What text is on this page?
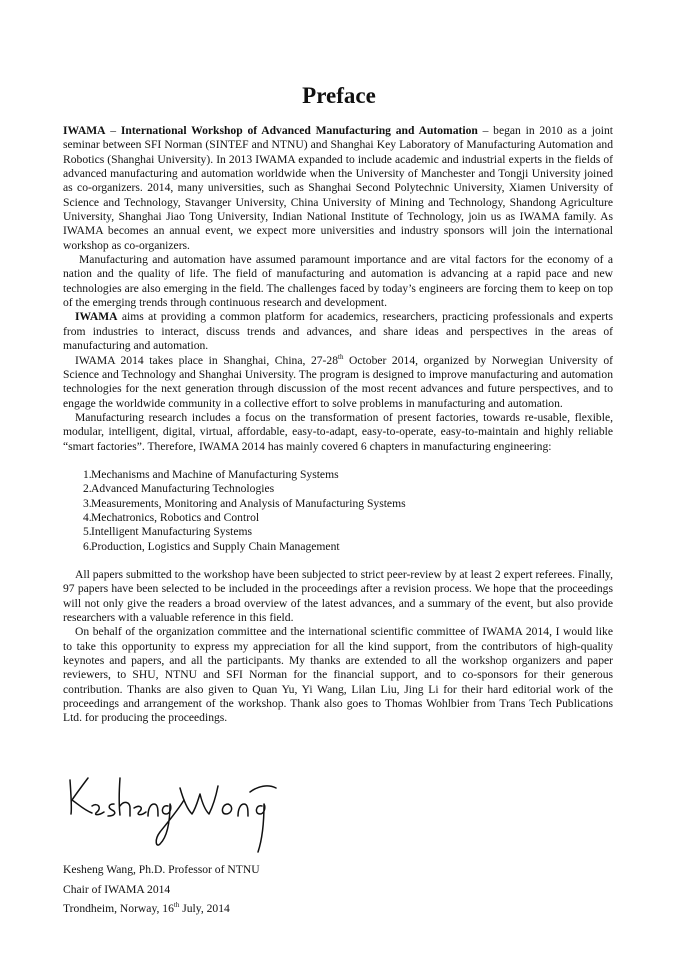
Preface

IWAMA – International Workshop of Advanced Manufacturing and Automation – began in 2010 as a joint seminar between SFI Norman (SINTEF and NTNU) and Shanghai Key Laboratory of Manufacturing Automation and Robotics (Shanghai University). In 2013 IWAMA expanded to include academic and industrial experts in the fields of advanced manufacturing and automation worldwide when the University of Manchester and Tongji University joined as co-organizers. 2014, many universities, such as Shanghai Second Polytechnic University, Xiamen University of Science and Technology, Stavanger University, China University of Mining and Technology, Shandong Agriculture University, Shanghai Jiao Tong University, Indian National Institute of Technology, join us as IWAMA family. As IWAMA becomes an annual event, we expect more universities and industry sponsors will join the international workshop as co-organizers.

Manufacturing and automation have assumed paramount importance and are vital factors for the economy of a nation and the quality of life. The field of manufacturing and automation is advancing at a rapid pace and new technologies are also emerging in the field. The challenges faced by today’s engineers are forcing them to keep on top of the emerging trends through continuous research and development.

IWAMA aims at providing a common platform for academics, researchers, practicing professionals and experts from industries to interact, discuss trends and advances, and share ideas and perspectives in the areas of manufacturing and automation.

IWAMA 2014 takes place in Shanghai, China, 27-28th October 2014, organized by Norwegian University of Science and Technology and Shanghai University. The program is designed to improve manufacturing and automation technologies for the next generation through discussion of the most recent advances and future perspectives, and to engage the worldwide community in a collective effort to solve problems in manufacturing and automation.

Manufacturing research includes a focus on the transformation of present factories, towards re-usable, flexible, modular, intelligent, digital, virtual, affordable, easy-to-adapt, easy-to-operate, easy-to-maintain and highly reliable “smart factories”. Therefore, IWAMA 2014 has mainly covered 6 chapters in manufacturing engineering:

1. Mechanisms and Machine of Manufacturing Systems
2. Advanced Manufacturing Technologies
3. Measurements, Monitoring and Analysis of Manufacturing Systems
4. Mechatronics, Robotics and Control
5. Intelligent Manufacturing Systems
6. Production, Logistics and Supply Chain Management

All papers submitted to the workshop have been subjected to strict peer-review by at least 2 expert referees. Finally, 97 papers have been selected to be included in the proceedings after a revision process. We hope that the proceedings will not only give the readers a broad overview of the latest advances, and a summary of the event, but also provide researchers with a valuable reference in this field.

On behalf of the organization committee and the international scientific committee of IWAMA 2014, I would like to take this opportunity to express my appreciation for all the kind support, from the contributors of high-quality keynotes and papers, and all the participants. My thanks are extended to all the workshop organizers and paper reviewers, to SHU, NTNU and SFI Norman for the financial support, and to co-sponsors for their generous contribution. Thanks are also given to Quan Yu, Yi Wang, Lilan Liu, Jing Li for their hard editorial work of the proceedings and arrangement of the workshop. Thank also goes to Thomas Wohlbier from Trans Tech Publications Ltd. for producing the proceedings.

Kesheng Wang, Ph.D. Professor of NTNU
Chair of IWAMA 2014
Trondheim, Norway, 16th July, 2014
